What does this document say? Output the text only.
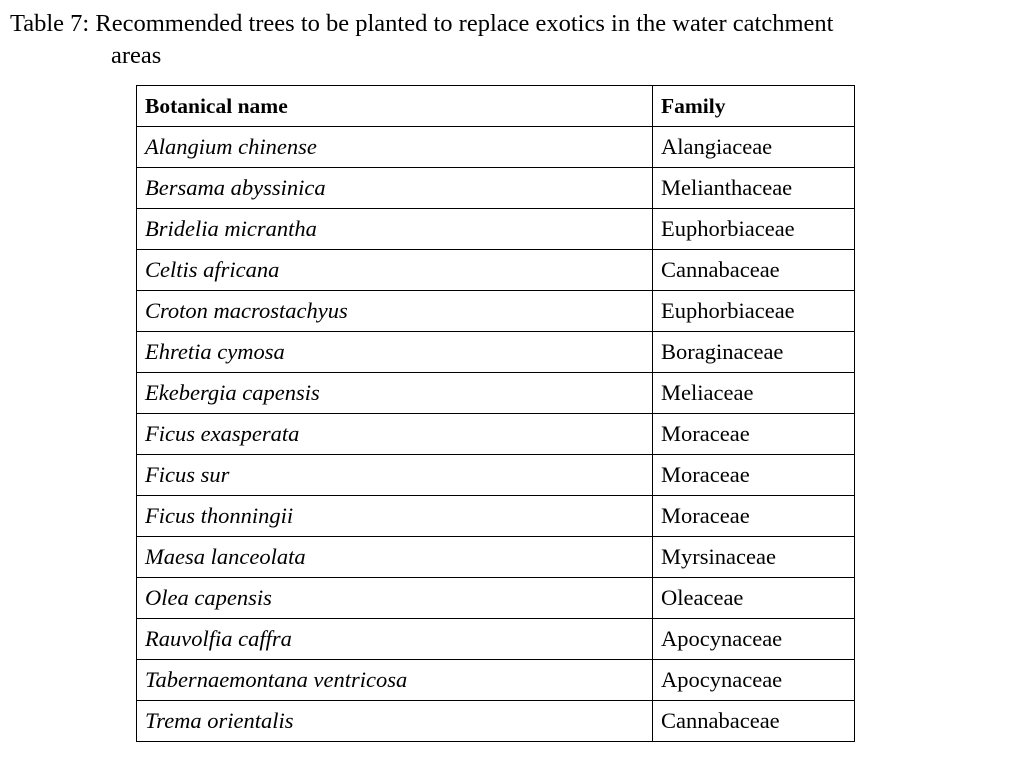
Table 7: Recommended trees to be planted to replace exotics in the water catchment
areas
Botanical name	Family
Alangium chinense	Alangiaceae
Bersama abyssinica	Melianthaceae
Bridelia micrantha	Euphorbiaceae
Celtis africana	Cannabaceae
Croton macrostachyus	Euphorbiaceae
Ehretia cymosa	Boraginaceae
Ekebergia capensis	Meliaceae
Ficus exasperata	Moraceae
Ficus sur	Moraceae
Ficus thonningii	Moraceae
Maesa lanceolata	Myrsinaceae
Olea capensis	Oleaceae
Rauvolfia caffra	Apocynaceae
Tabernaemontana ventricosa	Apocynaceae
Trema orientalis	Cannabaceae
